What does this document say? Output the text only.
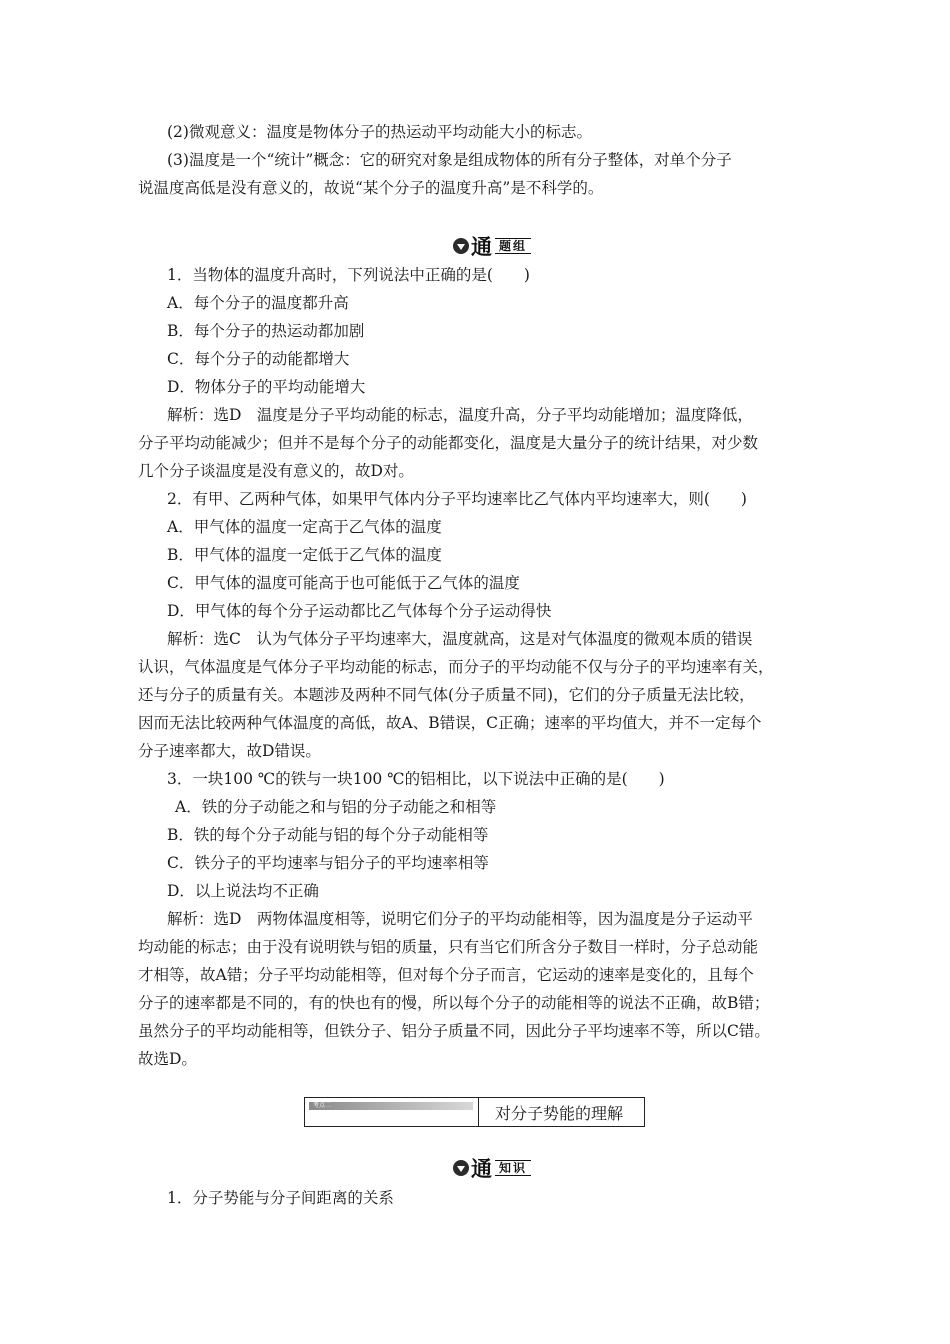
(2)微观意义：温度是物体分子的热运动平均动能大小的标志。
(3)温度是一个“统计”概念：它的研究对象是组成物体的所有分子整体，对单个分子
说温度高低是没有意义的，故说“某个分子的温度升高”是不科学的。
通 题组
1．当物体的温度升高时，下列说法中正确的是(　　)
A．每个分子的温度都升高
B．每个分子的热运动都加剧
C．每个分子的动能都增大
D．物体分子的平均动能增大
解析：选D　温度是分子平均动能的标志，温度升高，分子平均动能增加；温度降低，
分子平均动能减少；但并不是每个分子的动能都变化，温度是大量分子的统计结果，对少数
几个分子谈温度是没有意义的，故D对。
2．有甲、乙两种气体，如果甲气体内分子平均速率比乙气体内平均速率大，则(　　)
A．甲气体的温度一定高于乙气体的温度
B．甲气体的温度一定低于乙气体的温度
C．甲气体的温度可能高于也可能低于乙气体的温度
D．甲气体的每个分子运动都比乙气体每个分子运动得快
解析：选C　认为气体分子平均速率大，温度就高，这是对气体温度的微观本质的错误
认识，气体温度是气体分子平均动能的标志，而分子的平均动能不仅与分子的平均速率有关，
还与分子的质量有关。本题涉及两种不同气体(分子质量不同)，它们的分子质量无法比较，
因而无法比较两种气体温度的高低，故A、B错误，C正确；速率的平均值大，并不一定每个
分子速率都大，故D错误。
3．一块100 ℃的铁与一块100 ℃的铝相比，以下说法中正确的是(　　)
A．铁的分子动能之和与铝的分子动能之和相等
B．铁的每个分子动能与铝的每个分子动能相等
C．铁分子的平均速率与铝分子的平均速率相等
D．以上说法均不正确
解析：选D　两物体温度相等，说明它们分子的平均动能相等，因为温度是分子运动平
均动能的标志；由于没有说明铁与铝的质量，只有当它们所含分子数目一样时，分子总动能
才相等，故A错；分子平均动能相等，但对每个分子而言，它运动的速率是变化的，且每个
分子的速率都是不同的，有的快也有的慢，所以每个分子的动能相等的说法不正确，故B错；
虽然分子的平均动能相等，但铁分子、铝分子质量不同，因此分子平均速率不等，所以C错。
故选D。
考点二	对分子势能的理解
通 知识
1．分子势能与分子间距离的关系
